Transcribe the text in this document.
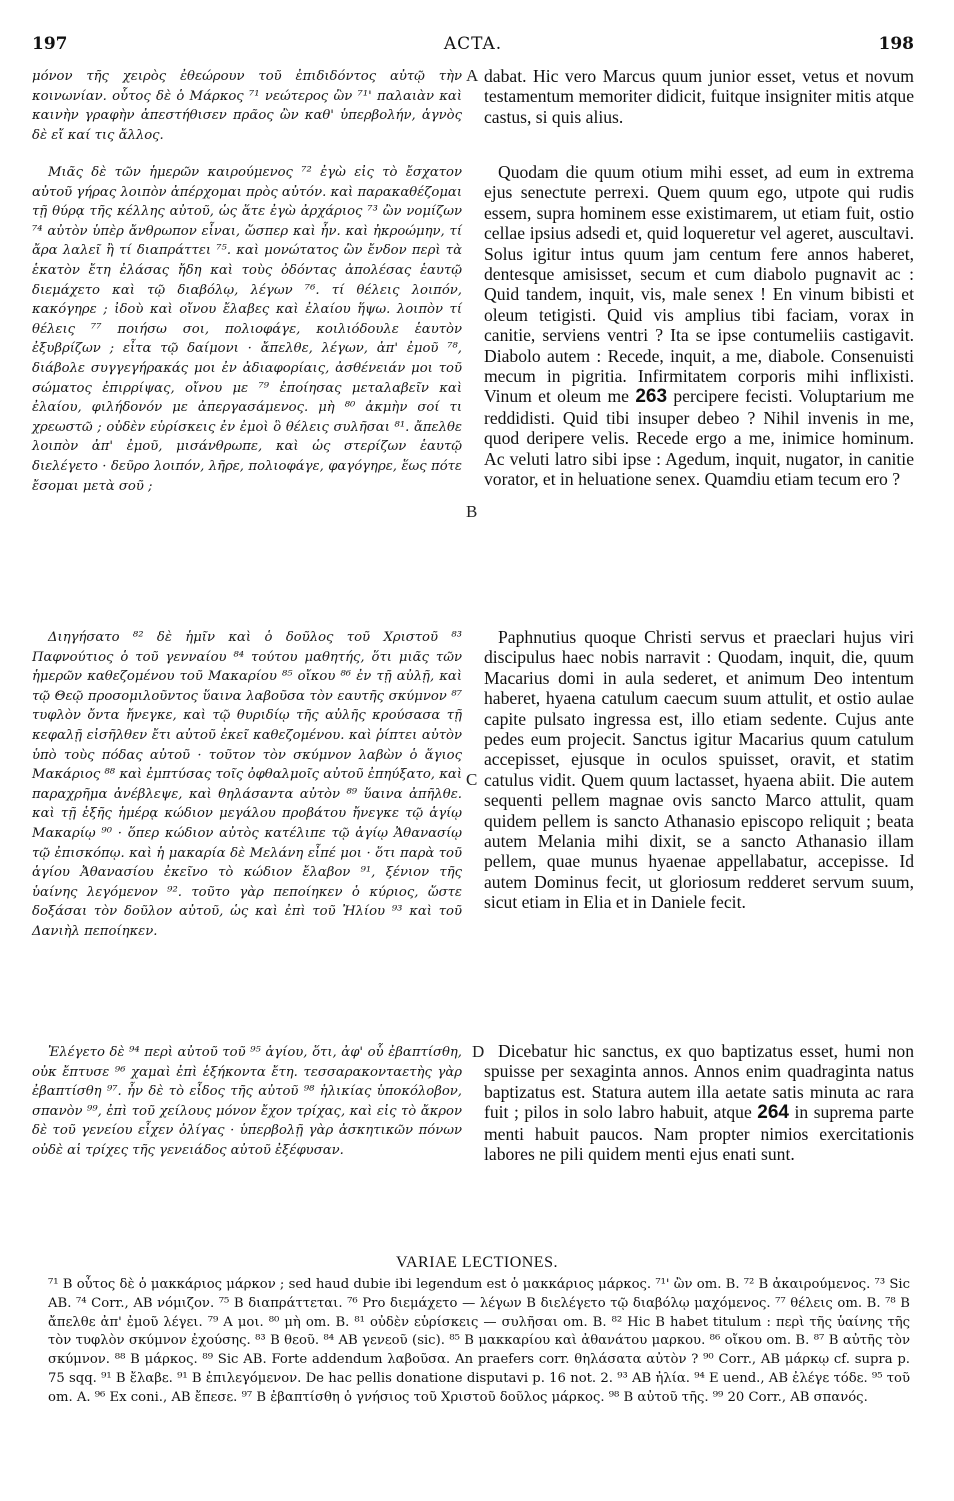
197	ACTA.	198

μόνον τῆς χειρὸς ἐθεώρουν τοῦ ἐπιδιδόντος αὐτῷ τὴν κοινωνίαν. οὗτος δὲ ὁ Μάρκος ⁷¹ νεώτερος ὢν ⁷¹' παλαιὰν καὶ καινὴν γραφὴν ἀπεστήθισεν πρᾶος ὢν καθ' ὑπερβολήν, ἁγνὸς δὲ εἴ καί τις ἄλλος.

Μιᾶς δὲ τῶν ἡμερῶν καιρούμενος ⁷² ἐγὼ εἰς τὸ ἔσχατον αὐτοῦ γήρας λοιπὸν ἀπέρχομαι πρὸς αὐτόν. καὶ παρακαθέζομαι τῇ θύρᾳ τῆς κέλλης αὐτοῦ, ὡς ἅτε ἐγὼ ἀρχάριος ⁷³ ὢν νομίζων ⁷⁴ αὐτὸν ὑπὲρ ἄνθρωπον εἶναι, ὥσπερ καὶ ἦν. καὶ ἠκροώμην, τί ἄρα λαλεῖ ἢ τί διαπράττει ⁷⁵. καὶ μονώτατος ὢν ἔνδον περὶ τὰ ἑκατὸν ἔτη ἐλάσας ἤδη καὶ τοὺς ὀδόντας ἀπολέσας ἑαυτῷ διεμάχετο καὶ τῷ διαβόλῳ, λέγων ⁷⁶. τί θέλεις λοιπόν, κακόγηρε ; ἰδοὺ καὶ οἴνου ἔλαβες καὶ ἐλαίου ἥψω. λοιπὸν τί θέλεις ⁷⁷ ποιήσω σοι, πολιοφάγε, κοιλιόδουλε ἑαυτὸν ἐξυβρίζων ; εἶτα τῷ δαίμονι · ἄπελθε, λέγων, ἀπ' ἐμοῦ ⁷⁸, διάβολε συγγεγήρακάς μοι ἐν ἀδιαφορίαις, ἀσθένειάν μοι τοῦ σώματος ἐπιρρίψας, οἴνου με ⁷⁹ ἐποίησας μεταλαβεῖν καὶ ἐλαίου, φιλήδονόν με ἀπεργασάμενος. μὴ ⁸⁰ ἀκμὴν σοί τι χρεωστῶ ; οὐδὲν εὑρίσκεις ἐν ἐμοὶ ὃ θέλεις συλῆσαι ⁸¹. ἄπελθε λοιπὸν ἀπ' ἐμοῦ, μισάνθρωπε, καὶ ὡς στερίζων ἑαυτῷ διελέγετο · δεῦρο λοιπόν, λῆρε, πολιοφάγε, φαγόγηρε, ἕως πότε ἔσομαι μετὰ σοῦ ;

Διηγήσατο ⁸² δὲ ἡμῖν καὶ ὁ δοῦλος τοῦ Χριστοῦ ⁸³ Παφνούτιος ὁ τοῦ γενναίου ⁸⁴ τούτου μαθητής, ὅτι μιᾶς τῶν ἡμερῶν καθεζομένου τοῦ Μακαρίου ⁸⁵ οἴκου ⁸⁶ ἐν τῇ αὐλῇ, καὶ τῷ Θεῷ προσομιλοῦντος ὕαινα λαβοῦσα τὸν εαυτῆς σκύμνον ⁸⁷ τυφλὸν ὄντα ἤνεγκε, καὶ τῷ θυριδίῳ τῆς αὐλῆς κρούσασα τῇ κεφαλῇ εἰσῆλθεν ἔτι αὐτοῦ ἐκεῖ καθεζομένου. καὶ ῥίπτει αὐτὸν ὑπὸ τοὺς πόδας αὐτοῦ · τοῦτον τὸν σκύμνον λαβὼν ὁ ἅγιος Μακάριος ⁸⁸ καὶ ἐμπτύσας τοῖς ὀφθαλμοῖς αὐτοῦ ἐπηύξατο, καὶ παραχρῆμα ἀνέβλεψε, καὶ θηλάσαντα αὐτὸν ⁸⁹ ὕαινα ἀπῆλθε. καὶ τῇ ἑξῆς ἡμέρᾳ κώδιον μεγάλου προβάτου ἤνεγκε τῷ ἁγίῳ Μακαρίῳ ⁹⁰ · ὅπερ κώδιον αὐτὸς κατέλιπε τῷ ἁγίῳ Ἀθανασίῳ τῷ ἐπισκόπῳ. καὶ ἡ μακαρία δὲ Μελάνη εἶπέ μοι · ὅτι παρὰ τοῦ ἁγίου Ἀθανασίου ἐκεῖνο τὸ κώδιον ἔλαβον ⁹¹, ξένιον τῆς ὑαίνης λεγόμενον ⁹². τοῦτο γὰρ πεποίηκεν ὁ κύριος, ὥστε δοξάσαι τὸν δοῦλον αὐτοῦ, ὡς καὶ ἐπὶ τοῦ Ἠλίου ⁹³ καὶ τοῦ Δανιὴλ πεποίηκεν.

Ἐλέγετο δὲ ⁹⁴ περὶ αὐτοῦ τοῦ ⁹⁵ ἁγίου, ὅτι, ἀφ' οὗ ἐβαπτίσθη, οὐκ ἔπτυσε ⁹⁶ χαμαὶ ἐπὶ ἑξήκοντα ἔτη. τεσσαρακονταετὴς γὰρ ἐβαπτίσθη ⁹⁷. ἦν δὲ τὸ εἶδος τῆς αὐτοῦ ⁹⁸ ἡλικίας ὑποκόλοβον, σπανὸν ⁹⁹, ἐπὶ τοῦ χείλους μόνον ἔχον τρίχας, καὶ εἰς τὸ ἄκρον δὲ τοῦ γενείου εἶχεν ὀλίγας · ὑπερβολῇ γὰρ ἀσκητικῶν πόνων οὐδὲ αἱ τρίχες τῆς γενειάδος αὐτοῦ ἐξέφυσαν.

A
B
C
D

dabat. Hic vero Marcus quum junior esset, vetus et novum testamentum memoriter didicit, fuitque insigniter mitis atque castus, si quis alius.

Quodam die quum otium mihi esset, ad eum in extrema ejus senectute perrexi. Quem quum ego, utpote qui rudis essem, supra hominem esse existimarem, ut etiam fuit, ostio cellae ipsius adsedi et, quid loqueretur vel ageret, auscultavi. Solus igitur intus quum jam centum fere annos haberet, dentesque amisisset, secum et cum diabolo pugnavit ac : Quid tandem, inquit, vis, male senex ! En vinum bibisti et oleum tetigisti. Quid vis amplius tibi faciam, vorax in canitie, serviens ventri ? Ita se ipse contumeliis castigavit. Diabolo autem : Recede, inquit, a me, diabole. Consenuisti mecum in pigritia. Infirmitatem corporis mihi inflixisti. Vinum et oleum me 263 percipere fecisti. Voluptarium me reddidisti. Quid tibi insuper debeo ? Nihil invenis in me, quod deripere velis. Recede ergo a me, inimice hominum. Ac veluti latro sibi ipse : Agedum, inquit, nugator, in canitie vorator, et in heluatione senex. Quamdiu etiam tecum ero ?

Paphnutius quoque Christi servus et praeclari hujus viri discipulus haec nobis narravit : Quodam, inquit, die, quum Macarius domi in aula sederet, et animum Deo intentum haberet, hyaena catulum caecum suum attulit, et ostio aulae capite pulsato ingressa est, illo etiam sedente. Cujus ante pedes eum projecit. Sanctus igitur Macarius quum catulum accepisset, ejusque in oculos spuisset, oravit, et statim catulus vidit. Quem quum lactasset, hyaena abiit. Die autem sequenti pellem magnae ovis sancto Marco attulit, quam quidem pellem is sancto Athanasio episcopo reliquit ; beata autem Melania mihi dixit, se a sancto Athanasio illam pellem, quae munus hyaenae appellabatur, accepisse. Id autem Dominus fecit, ut gloriosum redderet servum suum, sicut etiam in Elia et in Daniele fecit.

Dicebatur hic sanctus, ex quo baptizatus esset, humi non spuisse per sexaginta annos. Annos enim quadraginta natus baptizatus est. Statura autem illa aetate satis minuta ac rara fuit ; pilos in solo labro habuit, atque 264 in suprema parte menti habuit paucos. Nam propter nimios exercitationis labores ne pili quidem menti ejus enati sunt.

VARIAE LECTIONES.
⁷¹ B οὗτος δὲ ὁ μακκάριος μάρκον ; sed haud dubie ibi legendum est ὁ μακκάριος μάρκος. ⁷¹' ὢν om. B. ⁷² B ἀκαιρούμενος. ⁷³ Sic AB. ⁷⁴ Corr., AB νόμιζον. ⁷⁵ B διαπράττεται. ⁷⁶ Pro διεμάχετο — λέγων B διελέγετο τῷ διαβόλῳ μαχόμενος. ⁷⁷ θέλεις om. B. ⁷⁸ B ἄπελθε ἀπ' ἐμοῦ λέγει. ⁷⁹ A μοι. ⁸⁰ μὴ om. B. ⁸¹ οὐδὲν εὑρίσκεις — συλῆσαι om. B. ⁸² Hic B habet titulum : περὶ τῆς ὑαίνης τῆς τὸν τυφλὸν σκύμνον ἐχούσης. ⁸³ B θεοῦ. ⁸⁴ AB γενεοῦ (sic). ⁸⁵ B μακκαρίου καὶ ἀθανάτου μαρκου. ⁸⁶ οἴκου om. B. ⁸⁷ B αὐτῆς τὸν σκύμνον. ⁸⁸ B μάρκος. ⁸⁹ Sic AB. Forte addendum λαβοῦσα. An praefers corr. θηλάσατα αὐτὸν ? ⁹⁰ Corr., AB μάρκῳ cf. supra p. 75 sqq. ⁹¹ B ἔλαβε. ⁹¹ B ἐπιλεγόμενον. De hac pellis donatione disputavi p. 16 not. 2. ⁹³ AB ἠλία. ⁹⁴ E uend., AB ἐλέγε τόδε. ⁹⁵ τοῦ om. A. ⁹⁶ Ex coni., AB ἔπεσε. ⁹⁷ B ἐβαπτίσθη ὁ γνήσιος τοῦ Χριστοῦ δοῦλος μάρκος. ⁹⁸ B αὐτοῦ τῆς. ⁹⁹ 20 Corr., AB σπανός.
